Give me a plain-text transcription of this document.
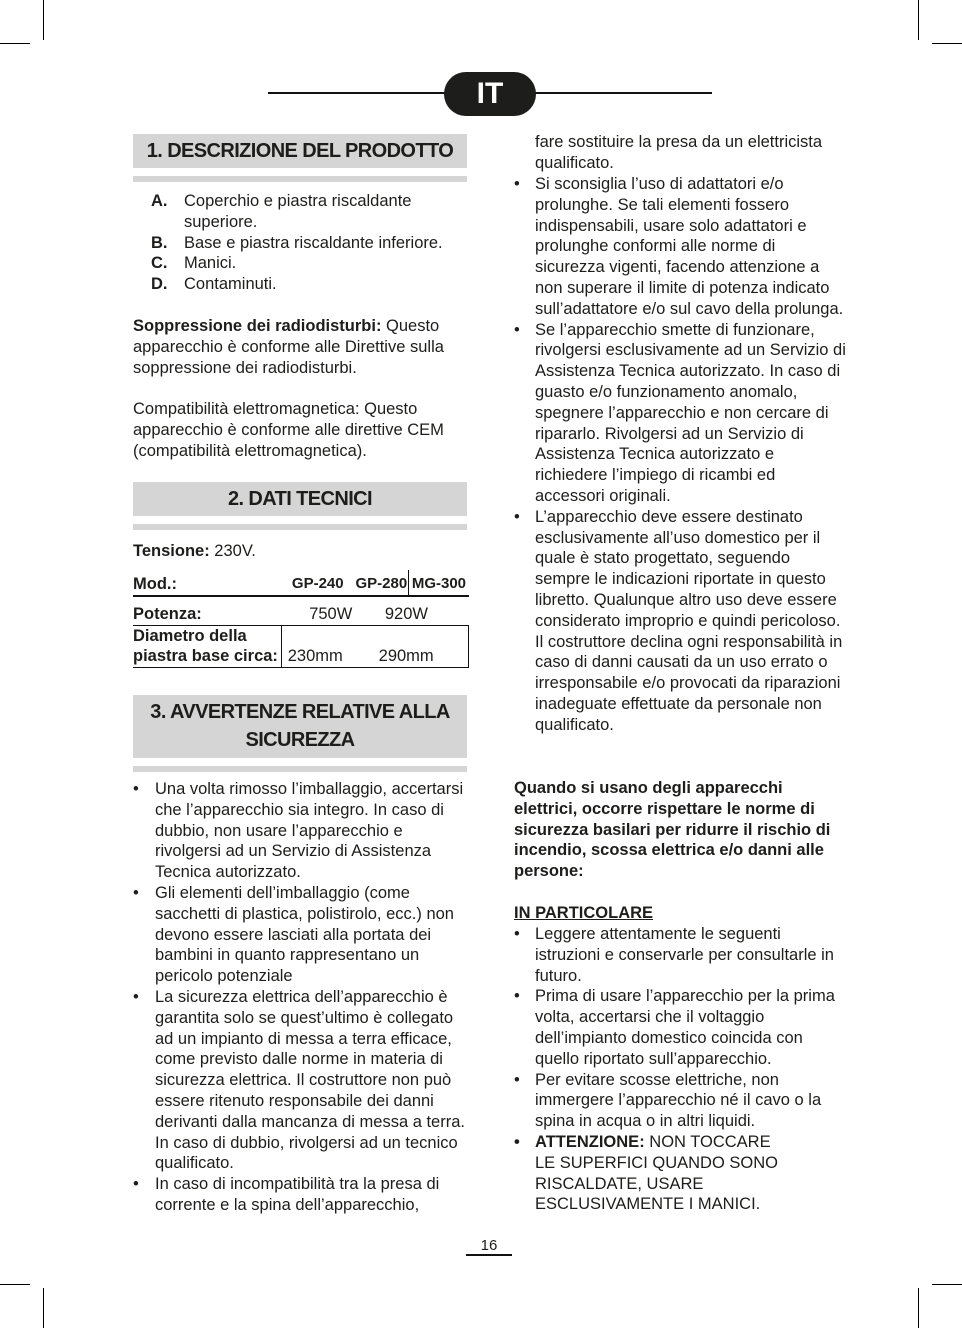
IT
1. DESCRIZIONE DEL PRODOTTO
A. Coperchio e piastra riscaldante superiore.
B. Base e piastra riscaldante inferiore.
C. Manici.
D. Contaminuti.

Soppressione dei radiodisturbi: Questo apparecchio è conforme alle Direttive sulla soppressione dei radiodisturbi.

Compatibilità elettromagnetica: Questo apparecchio è conforme alle direttive CEM (compatibilità elettromagnetica).

2. DATI TECNICI

Tensione: 230V.

Mod.:	GP-240	GP-280	MG-300
Potenza:	750W	920W	
Diametro della
piastra base circa:	230mm	290mm	
3. AVVERTENZE RELATIVE ALLA
SICUREZZA
• Una volta rimosso l’imballaggio, accertarsi che l’apparecchio sia integro. In caso di dubbio, non usare l’apparecchio e rivolgersi ad un Servizio di Assistenza Tecnica autorizzato.
• Gli elementi dell’imballaggio (come sacchetti di plastica, polistirolo, ecc.) non devono essere lasciati alla portata dei bambini in quanto rappresentano un pericolo potenziale
• La sicurezza elettrica dell’apparecchio è garantita solo se quest’ultimo è collegato ad un impianto di messa a terra efficace, come previsto dalle norme in materia di sicurezza elettrica. Il costruttore non può essere ritenuto responsabile dei danni derivanti dalla mancanza di messa a terra. In caso di dubbio, rivolgersi ad un tecnico qualificato.
• In caso di incompatibilità tra la presa di corrente e la spina dell’apparecchio,

fare sostituire la presa da un elettricista qualificato.

• Si sconsiglia l’uso di adattatori e/o prolunghe. Se tali elementi fossero indispensabili, usare solo adattatori e prolunghe conformi alle norme di sicurezza vigenti, facendo attenzione a non superare il limite di potenza indicato sull’adattatore e/o sul cavo della prolunga.
• Se l’apparecchio smette di funzionare, rivolgersi esclusivamente ad un Servizio di Assistenza Tecnica autorizzato. In caso di guasto e/o funzionamento anomalo, spegnere l’apparecchio e non cercare di ripararlo. Rivolgersi ad un Servizio di Assistenza Tecnica autorizzato e richiedere l’impiego di ricambi ed accessori originali.
• L’apparecchio deve essere destinato esclusivamente all’uso domestico per il quale è stato progettato, seguendo sempre le indicazioni riportate in questo libretto. Qualunque altro uso deve essere considerato improprio e quindi pericoloso. Il costruttore declina ogni responsabilità in caso di danni causati da un uso errato o irresponsabile e/o provocati da riparazioni inadeguate effettuate da personale non qualificato.

Quando si usano degli apparecchi elettrici, occorre rispettare le norme di sicurezza basilari per ridurre il rischio di incendio, scossa elettrica e/o danni alle persone:

IN PARTICOLARE

• Leggere attentamente le seguenti istruzioni e conservarle per consultarle in futuro.
• Prima di usare l’apparecchio per la prima volta, accertarsi che il voltaggio dell’impianto domestico coincida con quello riportato sull’apparecchio.
• Per evitare scosse elettriche, non immergere l’apparecchio né il cavo o la spina in acqua o in altri liquidi.
• ATTENZIONE: NON TOCCARE LE SUPERFICI QUANDO SONO RISCALDATE, USARE ESCLUSIVAMENTE I MANICI.
16
